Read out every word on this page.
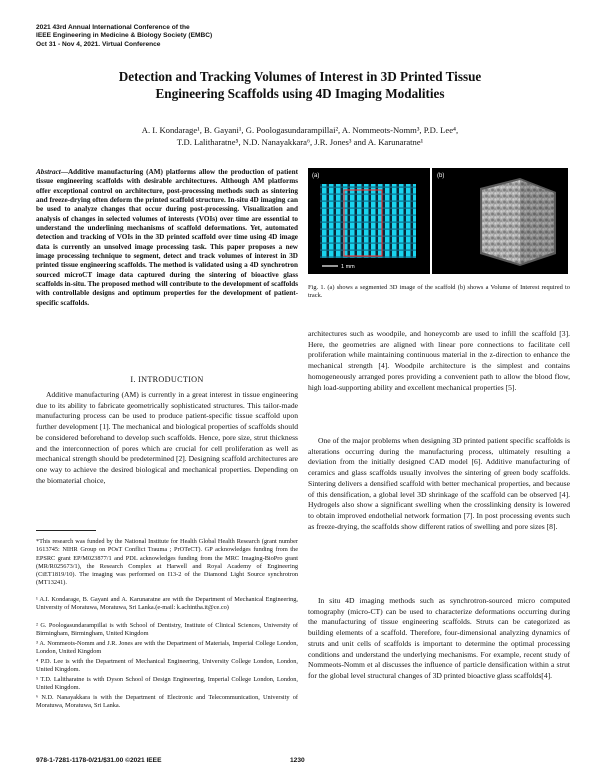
2021 43rd Annual International Conference of the
IEEE Engineering in Medicine & Biology Society (EMBC)
Oct 31 - Nov 4, 2021. Virtual Conference
Detection and Tracking Volumes of Interest in 3D Printed Tissue
Engineering Scaffolds using 4D Imaging Modalities
A. I. Kondarage¹, B. Gayani¹, G. Poologasundarampillai², A. Nommeots-Nomm³, P.D. Lee⁴,
T.D. Lalitharatne⁵, N.D. Nanayakkara⁶, J.R. Jones³ and A. Karunaratne¹
Abstract—Additive manufacturing (AM) platforms allow the production of patient tissue engineering scaffolds with desirable architectures. Although AM platforms offer exceptional control on architecture, post-processing methods such as sintering and freeze-drying often deform the printed scaffold structure. In-situ 4D imaging can be used to analyze changes that occur during post-processing. Visualization and analysis of changes in selected volumes of interests (VOIs) over time are essential to understand the underlining mechanisms of scaffold deformations. Yet, automated detection and tracking of VOIs in the 3D printed scaffold over time using 4D image data is currently an unsolved image processing task. This paper proposes a new image processing technique to segment, detect and track volumes of interest in 3D printed tissue engineering scaffolds. The method is validated using a 4D synchrotron sourced microCT image data captured during the sintering of bioactive glass scaffolds in-situ. The proposed method will contribute to the development of scaffolds with controllable designs and optimum properties for the development of patient-specific scaffolds.
I. INTRODUCTION
Additive manufacturing (AM) is currently in a great interest in tissue engineering due to its ability to fabricate geometrically sophisticated structures. This tailor-made manufacturing process can be used to produce patient-specific tissue scaffold upon further development [1]. The mechanical and biological properties of scaffolds should be considered beforehand to develop such scaffolds. Hence, pore size, strut thickness and the interconnection of pores which are crucial for cell proliferation as well as mechanical strength should be predetermined [2]. Designing scaffold architectures are one way to achieve the desired biological and mechanical properties. Depending on the biomaterial choice,
*This research was funded by the National Institute for Health Global Health Research (grant number 1613745: NIHR Group on POsT Conflict Trauma ; PrOTeCT). GP acknowledges funding from the EPSRC grant EP/M023877/1 and PDL acknowledges funding from the MRC Imaging-BioPro grant (MR/R025673/1), the Research Complex at Harwell and Royal Academy of Engineering (CiET1819/10). The imaging was performed on I13-2 of the Diamond Light Source synchrotron (MT13241).
¹ A.I. Kondarage, B. Gayani and A. Karunaratne are with the Department of Mechanical Engineering, University of Moratuwa, Moratuwa, Sri Lanka.(e-mail: k.achintha.it@ce.co)
² G. Poologasundarampillai is with School of Dentistry, Institute of Clinical Sciences, University of Birmingham, Birmingham, United Kingdom
³ A. Nommeots-Nomm and J.R. Jones are with the Department of Materials, Imperial College London, London, United Kingdom
⁴ P.D. Lee is with the Department of Mechanical Engineering, University College London, London, United Kingdom.
⁵ T.D. Lalitharatne is with Dyson School of Design Engineering, Imperial College London, London, United Kingdom.
⁶ N.D. Nanayakkara is with the Department of Electronic and Telecommunication, University of Moratuwa, Moratuwa, Sri Lanka.
(a)
1 mm
(b)
Fig. 1. (a) shows a segmented 3D image of the scaffold (b) shows a Volume of Interest required to track.
architectures such as woodpile, and honeycomb are used to infill the scaffold [3]. Here, the geometries are aligned with linear pore connections to facilitate cell proliferation while maintaining continuous material in the z-direction to enhance the mechanical strength [4]. Woodpile architecture is the simplest and contains homogeneously arranged pores providing a convenient path to allow the blood flow, high load-supporting ability and excellent mechanical properties [5].
One of the major problems when designing 3D printed patient specific scaffolds is alterations occurring during the manufacturing process, ultimately resulting a deviation from the initially designed CAD model [6]. Additive manufacturing of ceramics and glass scaffolds usually involves the sintering of green body scaffolds. Sintering delivers a densified scaffold with better mechanical properties, and because of this densification, a global level 3D shrinkage of the scaffold can be observed [4]. Hydrogels also show a significant swelling when the crosslinking density is lowered to obtain improved endothelial network formation [7]. In post processing events such as freeze-drying, the scaffolds show different ratios of swelling and pore sizes [8].
In situ 4D imaging methods such as synchrotron-sourced micro computed tomography (micro-CT) can be used to characterize deformations occurring during the manufacturing of tissue engineering scaffolds. Struts can be categorized as building elements of a scaffold. Therefore, four-dimensional analyzing dynamics of struts and unit cells of scaffolds is important to determine the optimal processing conditions and understand the underlying mechanisms. For example, recent study of Nommeots-Nomm et al discusses the influence of particle densification within a strut for the global level structural changes of 3D printed bioactive glass scaffolds[4].
978-1-7281-1178-0/21/$31.00 ©2021 IEEE	1230
